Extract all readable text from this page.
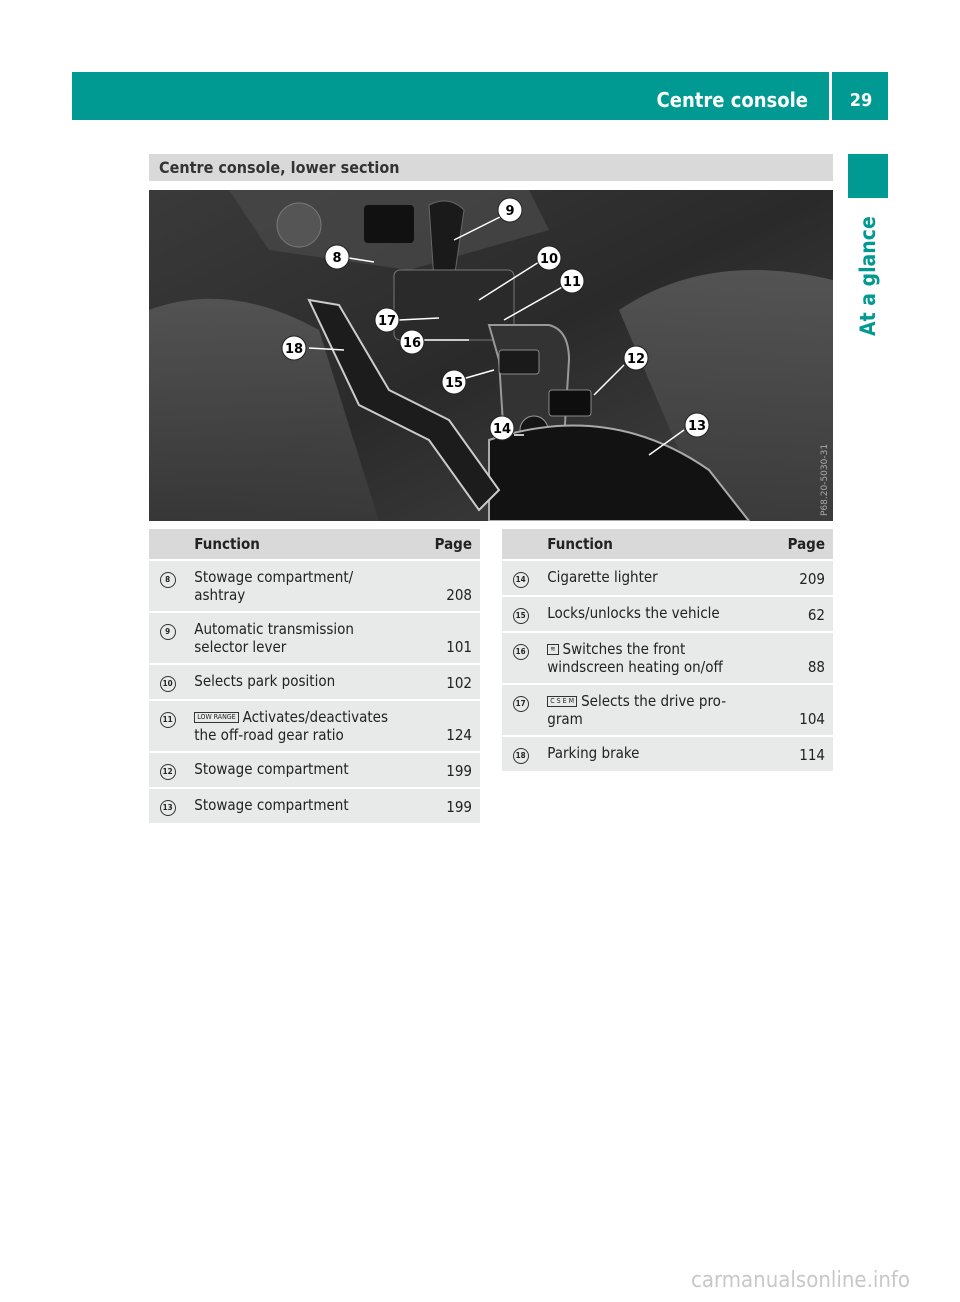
Centre console	29
At a glance
Centre console, lower section
8
9
10
11
12
13
14
15
16
17
18
P68.20-5030-31
	Function	Page
8	Stowage compartment/ ashtray	208
9	Automatic transmission selector lever	101
10	Selects park position	102
11	LOW RANGE Activates/deactivates the off-road gear ratio	124
12	Stowage compartment	199
13	Stowage compartment	199
	Function	Page
14	Cigarette lighter	209
15	Locks/unlocks the vehicle	62
16	≋ Switches the front windscreen heating on/off	88
17	C S E M Selects the drive pro- gram	104
18	Parking brake	114
carmanualsonline.info
